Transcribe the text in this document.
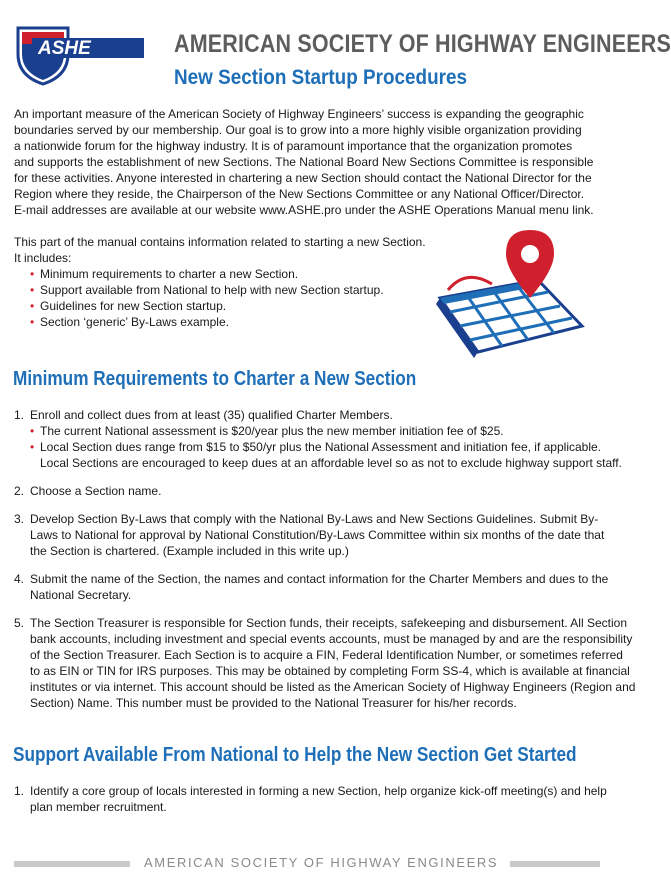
ASHE	AMERICAN SOCIETY OF HIGHWAY ENGINEERS
New Section Startup Procedures
An important measure of the American Society of Highway Engineers’ success is expanding the geographic
boundaries served by our membership. Our goal is to grow into a more highly visible organization providing
a nationwide forum for the highway industry. It is of paramount importance that the organization promotes
and supports the establishment of new Sections. The National Board New Sections Committee is responsible
for these activities. Anyone interested in chartering a new Section should contact the National Director for the
Region where they reside, the Chairperson of the New Sections Committee or any National Officer/Director.
E-mail addresses are available at our website www.ASHE.pro under the ASHE Operations Manual menu link.
This part of the manual contains information related to starting a new Section.
It includes:
• Minimum requirements to charter a new Section.
• Support available from National to help with new Section startup.
• Guidelines for new Section startup.
• Section ‘generic’ By-Laws example.
Minimum Requirements to Charter a New Section
1. Enroll and collect dues from at least (35) qualified Charter Members.
• The current National assessment is $20/year plus the new member initiation fee of $25.
• Local Section dues range from $15 to $50/yr plus the National Assessment and initiation fee, if applicable.
Local Sections are encouraged to keep dues at an affordable level so as not to exclude highway support staff.
2. Choose a Section name.
3. Develop Section By-Laws that comply with the National By-Laws and New Sections Guidelines. Submit By-
Laws to National for approval by National Constitution/By-Laws Committee within six months of the date that
the Section is chartered. (Example included in this write up.)
4. Submit the name of the Section, the names and contact information for the Charter Members and dues to the
National Secretary.
5. The Section Treasurer is responsible for Section funds, their receipts, safekeeping and disbursement. All Section
bank accounts, including investment and special events accounts, must be managed by and are the responsibility
of the Section Treasurer. Each Section is to acquire a FIN, Federal Identification Number, or sometimes referred
to as EIN or TIN for IRS purposes. This may be obtained by completing Form SS-4, which is available at financial
institutes or via internet. This account should be listed as the American Society of Highway Engineers (Region and
Section) Name. This number must be provided to the National Treasurer for his/her records.
Support Available From National to Help the New Section Get Started
1. Identify a core group of locals interested in forming a new Section, help organize kick-off meeting(s) and help
plan member recruitment.
AMERICAN SOCIETY OF HIGHWAY ENGINEERS
